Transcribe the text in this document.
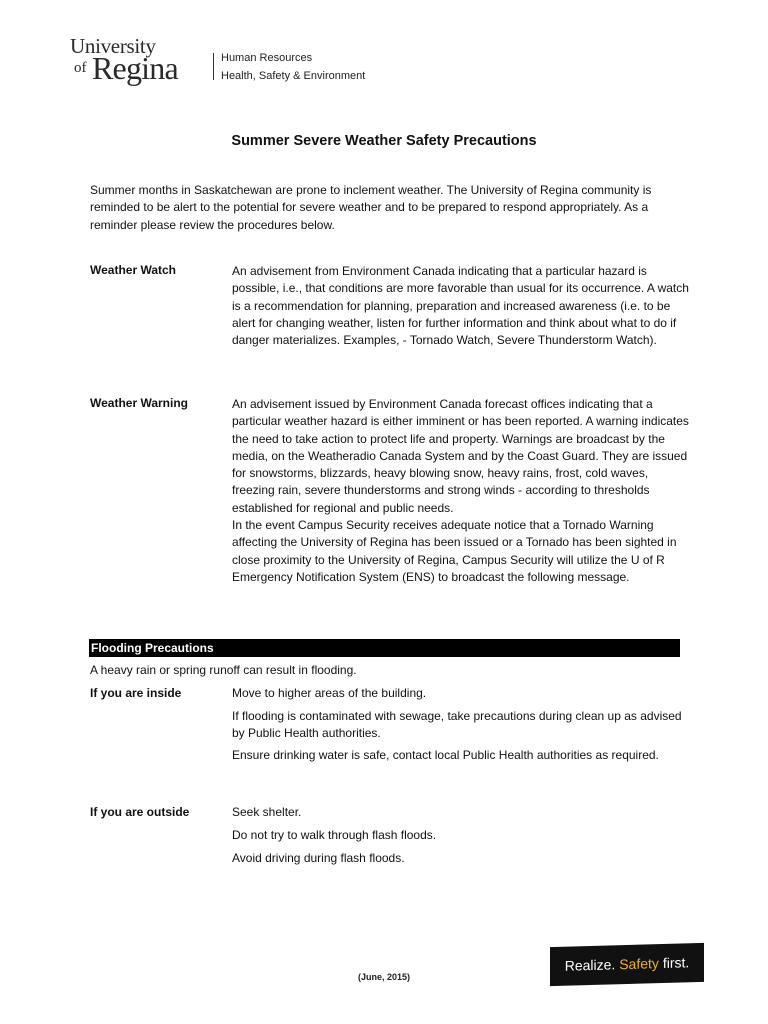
University
of Regina	Human Resources
Health, Safety & Environment
Summer Severe Weather Safety Precautions
Summer months in Saskatchewan are prone to inclement weather. The University of Regina community is reminded to be alert to the potential for severe weather and to be prepared to respond appropriately. As a reminder please review the procedures below.
Weather Watch	An advisement from Environment Canada indicating that a particular hazard is possible, i.e., that conditions are more favorable than usual for its occurrence. A watch is a recommendation for planning, preparation and increased awareness (i.e. to be alert for changing weather, listen for further information and think about what to do if danger materializes. Examples, - Tornado Watch, Severe Thunderstorm Watch).

Weather Warning	An advisement issued by Environment Canada forecast offices indicating that a particular weather hazard is either imminent or has been reported. A warning indicates the need to take action to protect life and property. Warnings are broadcast by the media, on the Weatheradio Canada System and by the Coast Guard. They are issued for snowstorms, blizzards, heavy blowing snow, heavy rains, frost, cold waves, freezing rain, severe thunderstorms and strong winds - according to thresholds established for regional and public needs.

In the event Campus Security receives adequate notice that a Tornado Warning affecting the University of Regina has been issued or a Tornado has been sighted in close proximity to the University of Regina, Campus Security will utilize the U of R Emergency Notification System (ENS) to broadcast the following message.

Flooding Precautions
A heavy rain or spring runoff can result in flooding.
If you are inside	Move to higher areas of the building.
If flooding is contaminated with sewage, take precautions during clean up as advised by Public Health authorities.
Ensure drinking water is safe, contact local Public Health authorities as required.
If you are outside	Seek shelter.
Do not try to walk through flash floods.
Avoid driving during flash floods.
Realize. Safety first.
(June, 2015)
